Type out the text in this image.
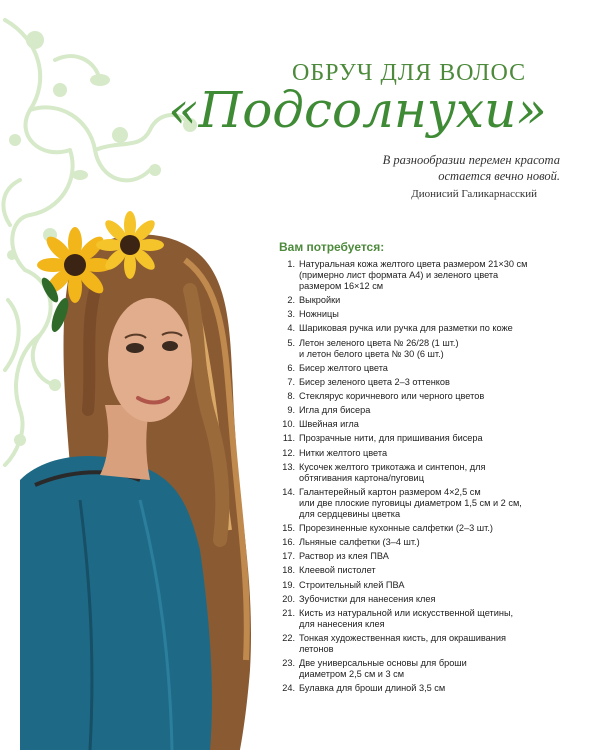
ОБРУЧ ДЛЯ ВОЛОС
«Подсолнухи»
В разнообразии перемен красота
остается вечно новой.
Дионисий Галикарнасский
Вам потребуется:
1. Натуральная кожа желтого цвета размером 21×30 см
(примерно лист формата А4) и зеленого цвета
размером 16×12 см
2. Выкройки
3. Ножницы
4. Шариковая ручка или ручка для разметки по коже
5. Летон зеленого цвета № 26/28 (1 шт.)
и летон белого цвета № 30 (6 шт.)
6. Бисер желтого цвета
7. Бисер зеленого цвета 2–3 оттенков
8. Стеклярус коричневого или черного цветов
9. Игла для бисера
10. Швейная игла
11. Прозрачные нити, для пришивания бисера
12. Нитки желтого цвета
13. Кусочек желтого трикотажа и синтепон, для
обтягивания картона/пуговиц
14. Галантерейный картон размером 4×2,5 см
или две плоские пуговицы диаметром 1,5 см и 2 см,
для сердцевины цветка
15. Прорезиненные кухонные салфетки (2–3 шт.)
16. Льняные салфетки (3–4 шт.)
17. Раствор из клея ПВА
18. Клеевой пистолет
19. Строительный клей ПВА
20. Зубочистки для нанесения клея
21. Кисть из натуральной или искусственной щетины,
для нанесения клея
22. Тонкая художественная кисть, для окрашивания
летонов
23. Две универсальные основы для броши
диаметром 2,5 см и 3 см
24. Булавка для броши длиной 3,5 см
